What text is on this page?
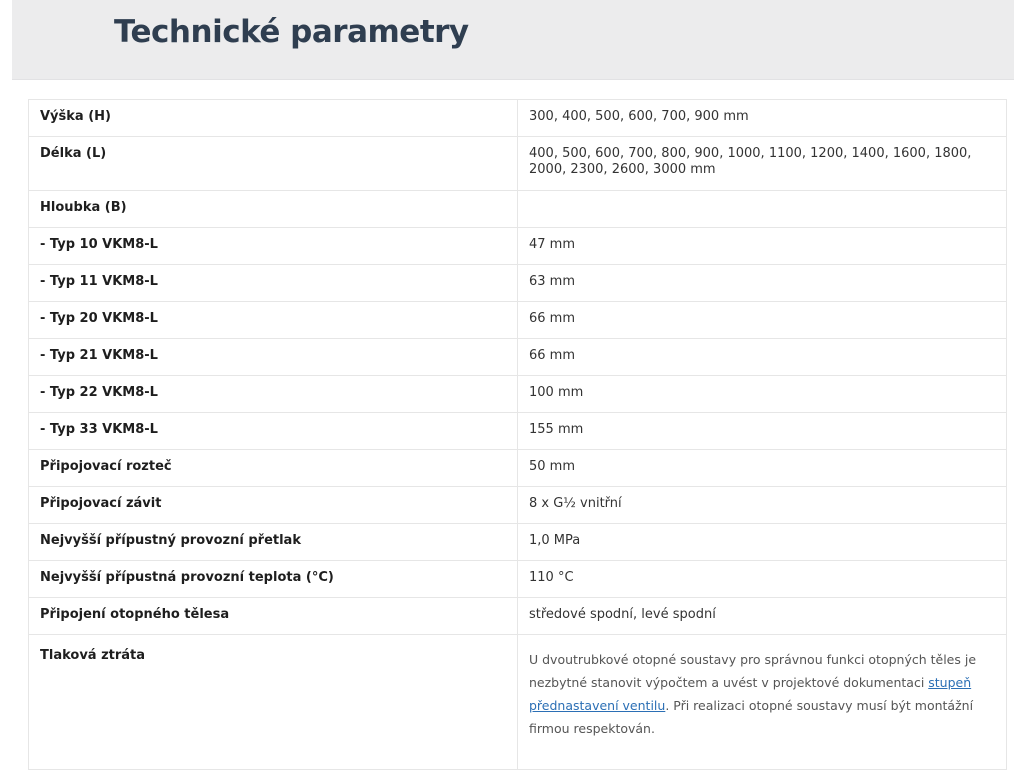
Technické parametry
Výška (H)	300, 400, 500, 600, 700, 900 mm
Délka (L)	400, 500, 600, 700, 800, 900, 1000, 1100, 1200, 1400, 1600, 1800, 2000, 2300, 2600, 3000 mm
Hloubka (B)	
- Typ 10 VKM8-L	47 mm
- Typ 11 VKM8-L	63 mm
- Typ 20 VKM8-L	66 mm
- Typ 21 VKM8-L	66 mm
- Typ 22 VKM8-L	100 mm
- Typ 33 VKM8-L	155 mm
Připojovací rozteč	50 mm
Připojovací závit	8 x G½ vnitřní
Nejvyšší přípustný provozní přetlak	1,0 MPa
Nejvyšší přípustná provozní teplota (°C)	110 °C
Připojení otopného tělesa	středové spodní, levé spodní
Tlaková ztráta	U dvoutrubkové otopné soustavy pro správnou funkci otopných těles je nezbytné stanovit výpočtem a uvést v projektové dokumentaci stupeň přednastavení ventilu. Při realizaci otopné soustavy musí být montážní firmou respektován.
